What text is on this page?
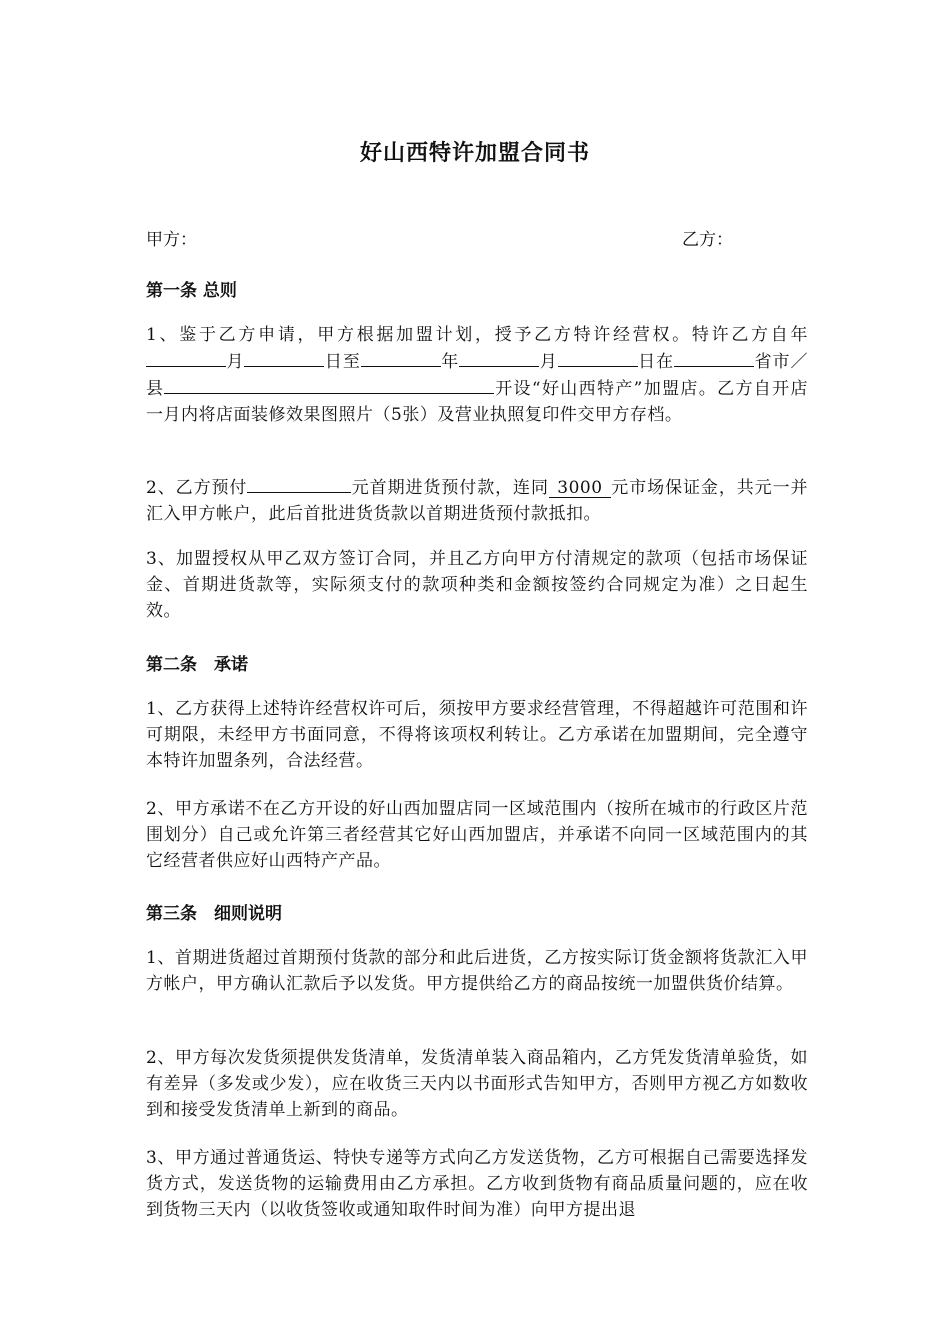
好山西特许加盟合同书
甲方：	乙方：
第一条 总则
1、鉴于乙方申请，甲方根据加盟计划，授予乙方特许经营权。特许乙方自年月	日至	年	月	日在	省市／县	开设“好山西特产”加盟店。乙方自开店一月内将店面装修效果图照片（5张）及营业执照复印件交甲方存档。
2、乙方预付	元首期进货预付款，连同 3000 元市场保证金，共元一并汇入甲方帐户，此后首批进货货款以首期进货预付款抵扣。
3、加盟授权从甲乙双方签订合同，并且乙方向甲方付清规定的款项（包括市场保证金、首期进货款等，实际须支付的款项种类和金额按签约合同规定为准）之日起生效。
第二条　承诺
1、乙方获得上述特许经营权许可后，须按甲方要求经营管理，不得超越许可范围和许可期限，未经甲方书面同意，不得将该项权利转让。乙方承诺在加盟期间，完全遵守本特许加盟条列，合法经营。
2、甲方承诺不在乙方开设的好山西加盟店同一区域范围内（按所在城市的行政区片范围划分）自己或允许第三者经营其它好山西加盟店，并承诺不向同一区域范围内的其它经营者供应好山西特产产品。
第三条　细则说明
1、首期进货超过首期预付货款的部分和此后进货，乙方按实际订货金额将货款汇入甲方帐户，甲方确认汇款后予以发货。甲方提供给乙方的商品按统一加盟供货价结算。
2、甲方每次发货须提供发货清单，发货清单装入商品箱内，乙方凭发货清单验货，如有差异（多发或少发），应在收货三天内以书面形式告知甲方，否则甲方视乙方如数收到和接受发货清单上新到的商品。
3、甲方通过普通货运、特快专递等方式向乙方发送货物，乙方可根据自己需要选择发货方式，发送货物的运输费用由乙方承担。乙方收到货物有商品质量问题的，应在收到货物三天内（以收货签收或通知取件时间为准）向甲方提出退
